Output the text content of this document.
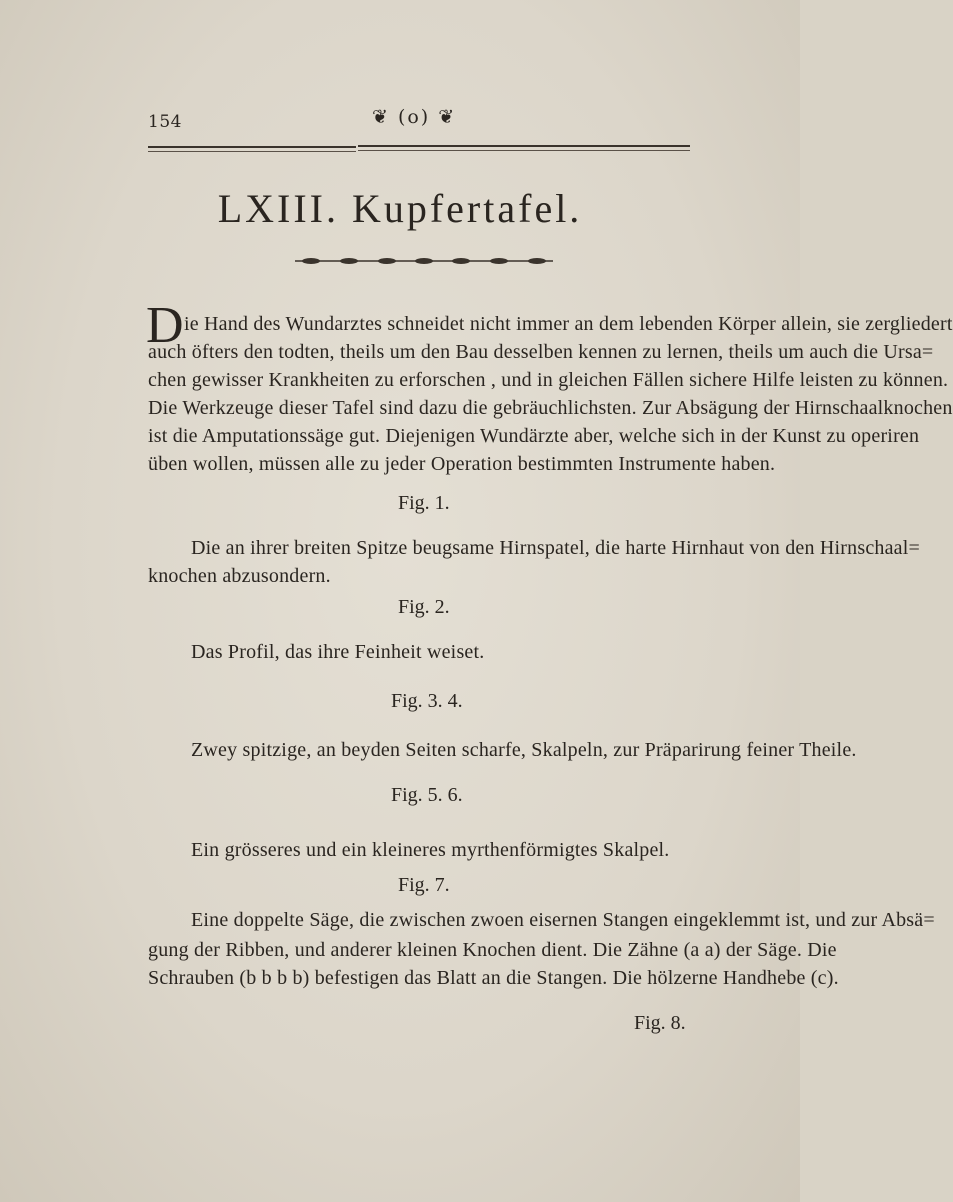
154	❦ (o) ❦
LXIII. Kupfertafel.
D ie Hand des Wundarztes schneidet nicht immer an dem lebenden Körper allein, sie zergliedert
auch öfters den todten, theils um den Bau desselben kennen zu lernen, theils um auch die Ursa=
chen gewisser Krankheiten zu erforschen , und in gleichen Fällen sichere Hilfe leisten zu können.
Die Werkzeuge dieser Tafel sind dazu die gebräuchlichsten. Zur Absägung der Hirnschaalknochen
ist die Amputationssäge gut. Diejenigen Wundärzte aber, welche sich in der Kunst zu operiren
üben wollen, müssen alle zu jeder Operation bestimmten Instrumente haben.
Fig. 1.
Die an ihrer breiten Spitze beugsame Hirnspatel, die harte Hirnhaut von den Hirnschaal=
knochen abzusondern.
Fig. 2.
Das Profil, das ihre Feinheit weiset.
Fig. 3. 4.
Zwey spitzige, an beyden Seiten scharfe, Skalpeln, zur Präparirung feiner Theile.
Fig. 5. 6.
Ein grösseres und ein kleineres myrthenförmigtes Skalpel.
Fig. 7.
Eine doppelte Säge, die zwischen zwoen eisernen Stangen eingeklemmt ist, und zur Absä=
gung der Ribben, und anderer kleinen Knochen dient. Die Zähne (a a) der Säge. Die
Schrauben (b b b b) befestigen das Blatt an die Stangen. Die hölzerne Handhebe (c).
Fig. 8.
